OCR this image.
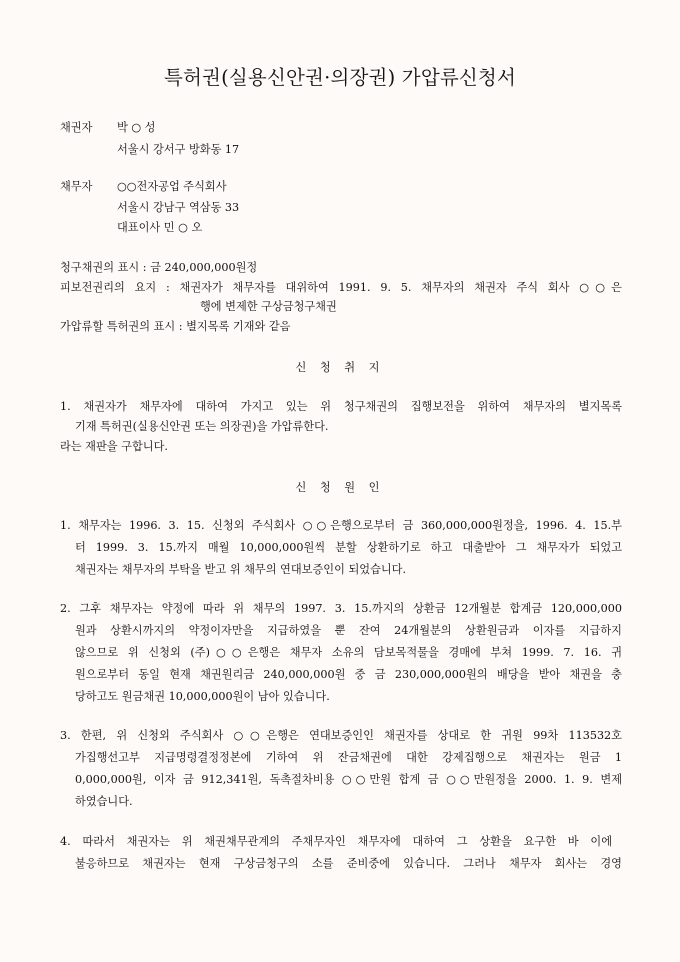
특허권(실용신안권·의장권) 가압류신청서
채권자 박 ○ 성
서울시 강서구 방화동 17
채무자 ○○전자공업 주식회사
서울시 강남구 역삼동 33
대표이사 민 ○ 오
청구채권의 표시 : 금 240,000,000원정
피보전권리의 요지 : 채권자가 채무자를 대위하여 1991. 9. 5. 채무자의 채권자 주식 회사 ○○은
행에 변제한 구상금청구채권
가압류할 특허권의 표시 : 별지목록 기재와 같음
신 청 취 지
1. 채권자가 채무자에 대하여 가지고 있는 위 청구채권의 집행보전을 위하여 채무자의 별지목록
기재 특허권(실용신안권 또는 의장권)을 가압류한다.
라는 재판을 구합니다.
신 청 원 인
1. 채무자는 1996. 3. 15. 신청외 주식회사 ○○은행으로부터 금 360,000,000원정을, 1996. 4. 15.부
터 1999. 3. 15.까지 매월 10,000,000원씩 분할 상환하기로 하고 대출받아 그 채무자가 되었고
채권자는 채무자의 부탁을 받고 위 채무의 연대보증인이 되었습니다.
2. 그후 채무자는 약정에 따라 위 채무의 1997. 3. 15.까지의 상환금 12개월분 합계금 120,000,000
원과 상환시까지의 약정이자만을 지급하였을 뿐 잔여 24개월분의 상환원금과 이자를 지급하지
않으므로 위 신청외 (주)○○은행은 채무자 소유의 담보목적물을 경매에 부쳐 1999. 7. 16. 귀
원으로부터 동일 현재 채권원리금 240,000,000원 중 금 230,000,000원의 배당을 받아 채권을 충
당하고도 원금채권 10,000,000원이 남아 있습니다.
3. 한편, 위 신청외 주식회사 ○○은행은 연대보증인인 채권자를 상대로 한 귀원 99차 113532호
가집행선고부 지급명령결정정본에 기하여 위 잔금채권에 대한 강제집행으로 채권자는 원금 1
0,000,000원, 이자 금 912,341원, 독촉절차비용 ○○만원 합계 금 ○○만원정을 2000. 1. 9. 변제
하였습니다.
4. 따라서 채권자는 위 채권채무관계의 주채무자인 채무자에 대하여 그 상환을 요구한 바 이에
불응하므로 채권자는 현재 구상금청구의 소를 준비중에 있습니다. 그러나 채무자 회사는 경영
